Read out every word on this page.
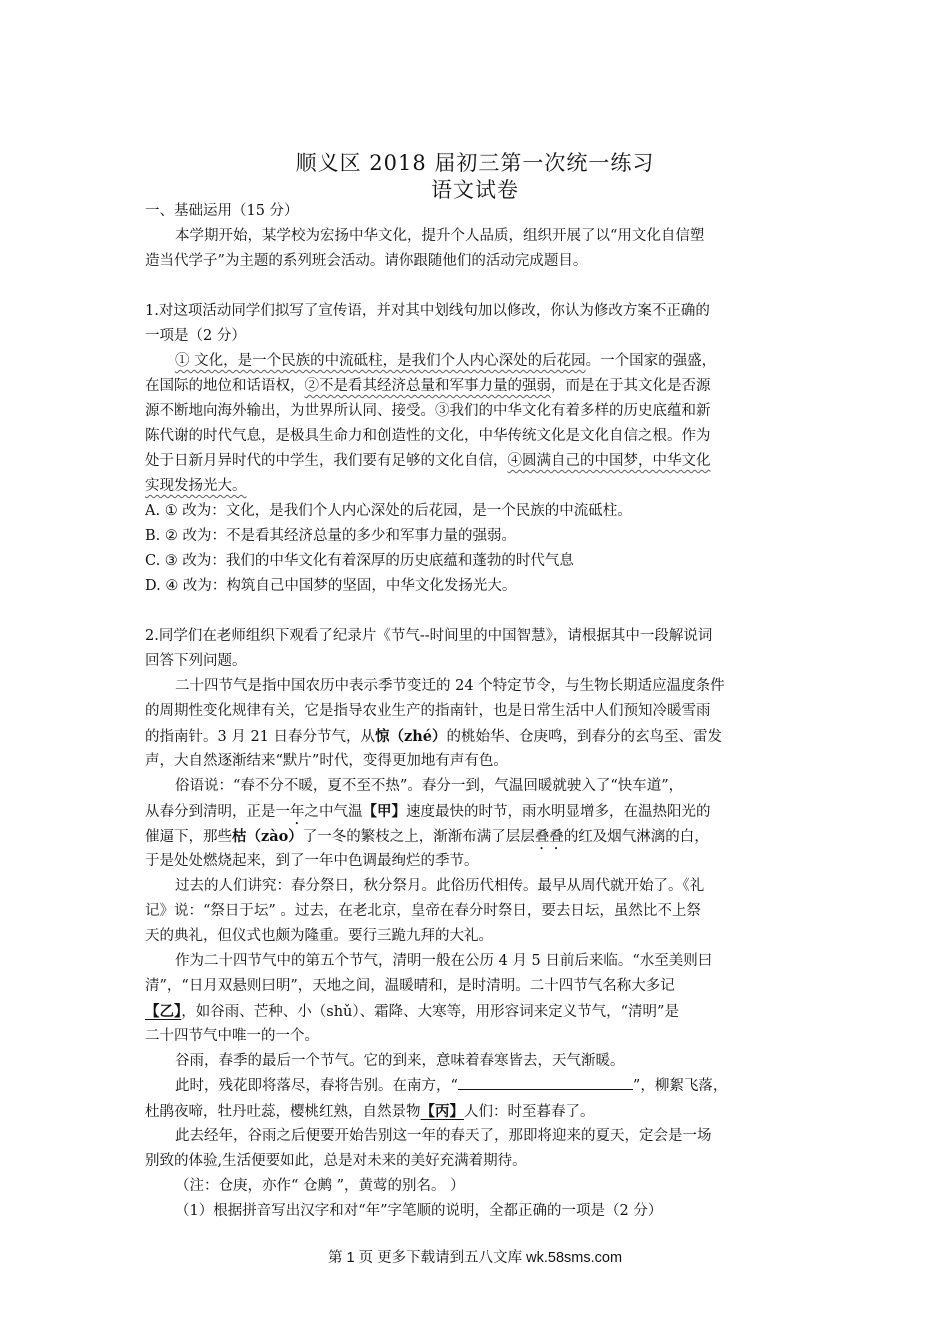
顺义区 2018 届初三第一次统一练习
语文试卷
一、基础运用（15 分）
本学期开始，某学校为宏扬中华文化，提升个人品质，组织开展了以“用文化自信塑
造当代学子”为主题的系列班会活动。请你跟随他们的活动完成题目。
1.对这项活动同学们拟写了宣传语，并对其中划线句加以修改，你认为修改方案不正确的
一项是（2 分）
① 文化，是一个民族的中流砥柱，是我们个人内心深处的后花园。一个国家的强盛，
在国际的地位和话语权，②不是看其经济总量和军事力量的强弱，而是在于其文化是否源
源不断地向海外输出，为世界所认同、接受。③我们的中华文化有着多样的历史底蕴和新
陈代谢的时代气息，是极具生命力和创造性的文化，中华传统文化是文化自信之根。作为
处于日新月异时代的中学生，我们要有足够的文化自信，④圆满自己的中国梦，中华文化
实现发扬光大。
A. ① 改为：文化，是我们个人内心深处的后花园，是一个民族的中流砥柱。
B. ② 改为：不是看其经济总量的多少和军事力量的强弱。
C. ③ 改为：我们的中华文化有着深厚的历史底蕴和蓬勃的时代气息
D. ④ 改为：构筑自己中国梦的坚固，中华文化发扬光大。
2.同学们在老师组织下观看了纪录片《节气--时间里的中国智慧》，请根据其中一段解说词
回答下列问题。
二十四节气是指中国农历中表示季节变迁的 24 个特定节令，与生物长期适应温度条件
的周期性变化规律有关，它是指导农业生产的指南针，也是日常生活中人们预知冷暖雪雨
的指南针。3 月 21 日春分节气，从惊（zhé）的桃始华、仓庚鸣，到春分的玄鸟至、雷发
声，大自然逐渐结来“默片”时代，变得更加地有声有色。
俗语说：“春不分不暖，夏不至不热”。春分一到，气温回暖就驶入了“快车道”，
从春分到清明，正是一年之中气温【甲】速度最快的时节，雨水明显增多，在温热阳光的
催逼下，那些枯（zào）了一冬的繁枝之上，渐渐布满了层层叠叠的红及烟气淋漓的白，
于是处处燃烧起来，到了一年中色调最绚烂的季节。
过去的人们讲究：春分祭日，秋分祭月。此俗历代相传。最早从周代就开始了。《礼
记》说：“祭日于坛” 。过去，在老北京，皇帝在春分时祭日，要去日坛，虽然比不上祭
天的典礼，但仪式也颇为隆重。要行三跪九拜的大礼。
作为二十四节气中的第五个节气，清明一般在公历 4 月 5 日前后来临。“水至美则曰
清”，“日月双悬则曰明”，天地之间，温暖晴和，是时清明。二十四节气名称大多记
【乙】，如谷雨、芒种、小（shǔ）、霜降、大寒等，用形容词来定义节气，“清明”是
二十四节气中唯一的一个。
谷雨，春季的最后一个节气。它的到来，意味着春寒皆去，天气渐暖。
此时，残花即将落尽，春将告别。在南方，“	”，柳絮飞落，
杜鹃夜啼，牡丹吐蕊，樱桃红熟，自然景物【丙】人们：时至暮春了。
此去经年，谷雨之后便要开始告别这一年的春天了，那即将迎来的夏天，定会是一场
别致的体验,生活便要如此，总是对未来的美好充满着期待。
（注：仓庚，亦作“ 仓鹒 ”，黄莺的别名。 ）
（1）根据拼音写出汉字和对“年”字笔顺的说明，全都正确的一项是（2 分）
第 1 页 更多下载请到五八文库 wk.58sms.com
